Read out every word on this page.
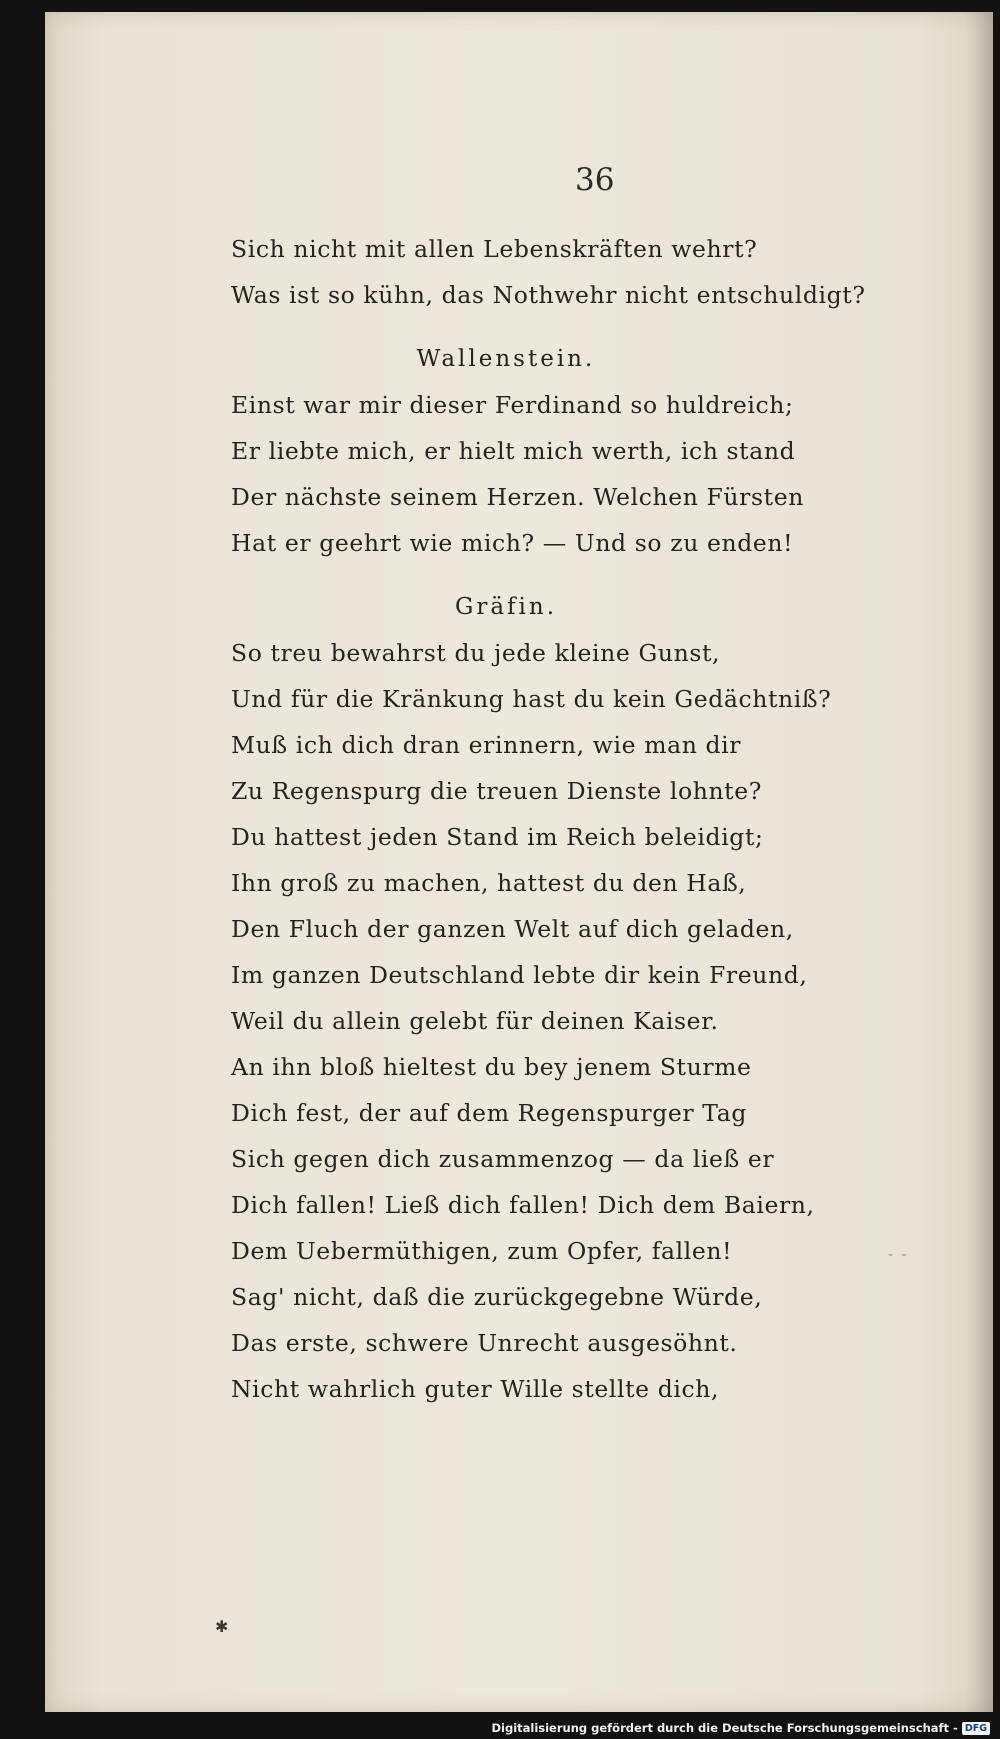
36
Sich nicht mit allen Lebenskräften wehrt?
Was ist so kühn, das Nothwehr nicht entschuldigt?
Wallenstein.
Einst war mir dieser Ferdinand so huldreich;
Er liebte mich, er hielt mich werth, ich stand
Der nächste seinem Herzen. Welchen Fürsten
Hat er geehrt wie mich? — Und so zu enden!
Gräfin.
So treu bewahrst du jede kleine Gunst,
Und für die Kränkung hast du kein Gedächtniß?
Muß ich dich dran erinnern, wie man dir
Zu Regenspurg die treuen Dienste lohnte?
Du hattest jeden Stand im Reich beleidigt;
Ihn groß zu machen, hattest du den Haß,
Den Fluch der ganzen Welt auf dich geladen,
Im ganzen Deutschland lebte dir kein Freund,
Weil du allein gelebt für deinen Kaiser.
An ihn bloß hieltest du bey jenem Sturme
Dich fest, der auf dem Regenspurger Tag
Sich gegen dich zusammenzog — da ließ er
Dich fallen! Ließ dich fallen! Dich dem Baiern,
Dem Uebermüthigen, zum Opfer, fallen!
Sag' nicht, daß die zurückgegebne Würde,
Das erste, schwere Unrecht ausgesöhnt.
Nicht wahrlich guter Wille stellte dich,
✱
- -
Digitalisierung gefördert durch die Deutsche Forschungsgemeinschaft - DFG
